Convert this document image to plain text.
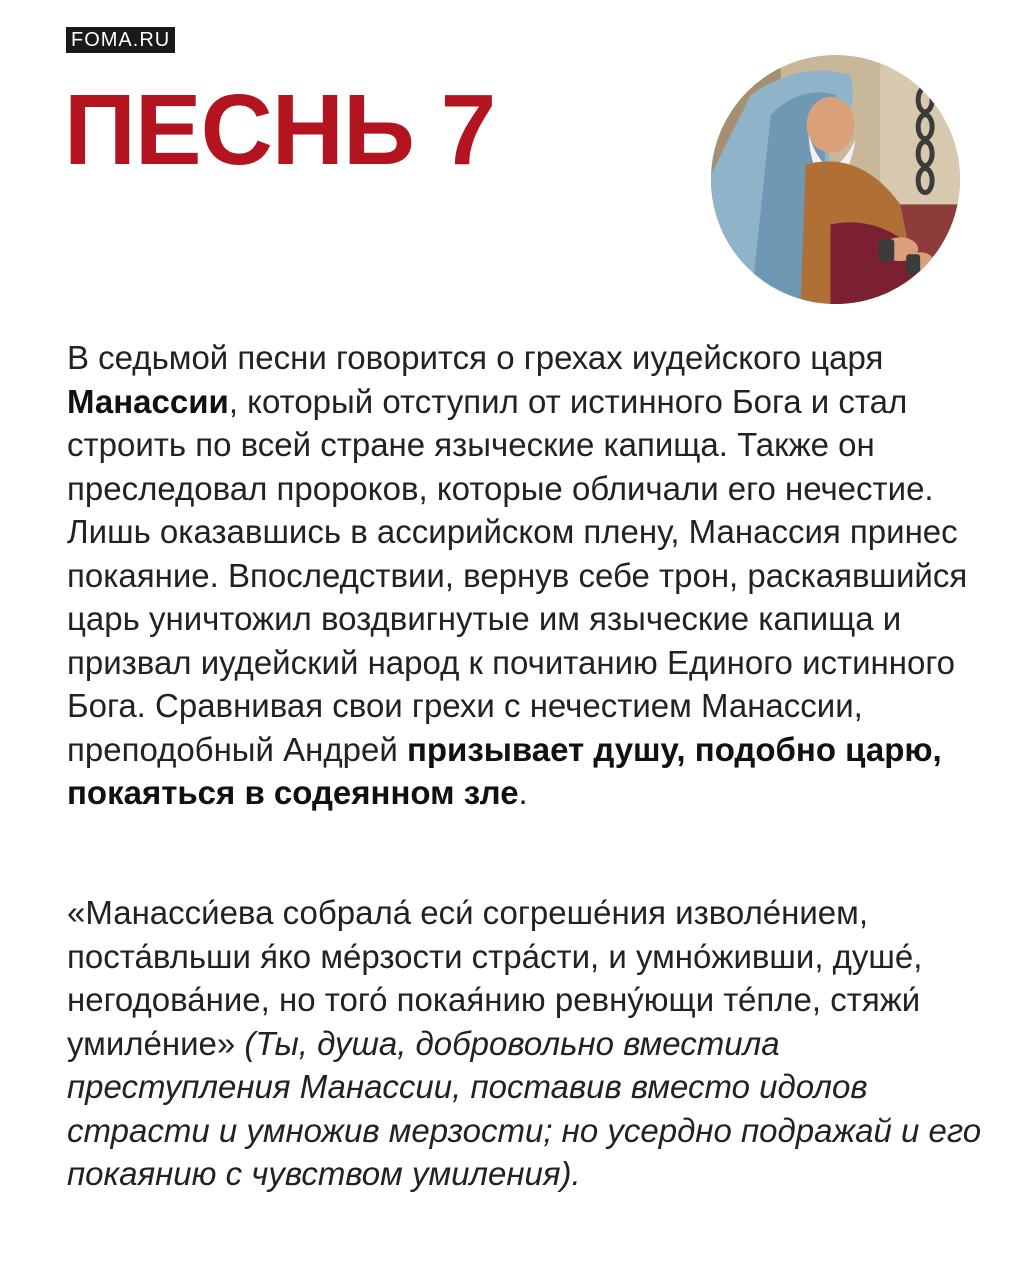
FOMA.RU
ПЕСНЬ 7

В седьмой песни говорится о грехах иудейского царя Манассии, который отступил от истинного Бога и стал строить по всей стране языческие капища. Также он преследовал пророков, которые обличали его нечестие. Лишь оказавшись в ассирийском плену, Манассия принес покаяние. Впоследствии, вернув себе трон, раскаявшийся царь уничтожил воздвигнутые им языческие капища и призвал иудейский народ к почитанию Единого истинного Бога. Сравнивая свои грехи с нечестием Манассии, преподобный Андрей призывает душу, подобно царю, покаяться в содеянном зле.

«Манасси́ева собрала́ еси́ согреше́ния изволе́нием, поста́вльши я́ко ме́рзости стра́сти, и умно́живши, душе́, негодова́ние, но того́ покая́нию ревну́ющи те́пле, стяжи́ умиле́ние» (Ты, душа, добровольно вместила преступления Манассии, поставив вместо идолов страсти и умножив мерзости; но усердно подражай и его покаянию с чувством умиления).
